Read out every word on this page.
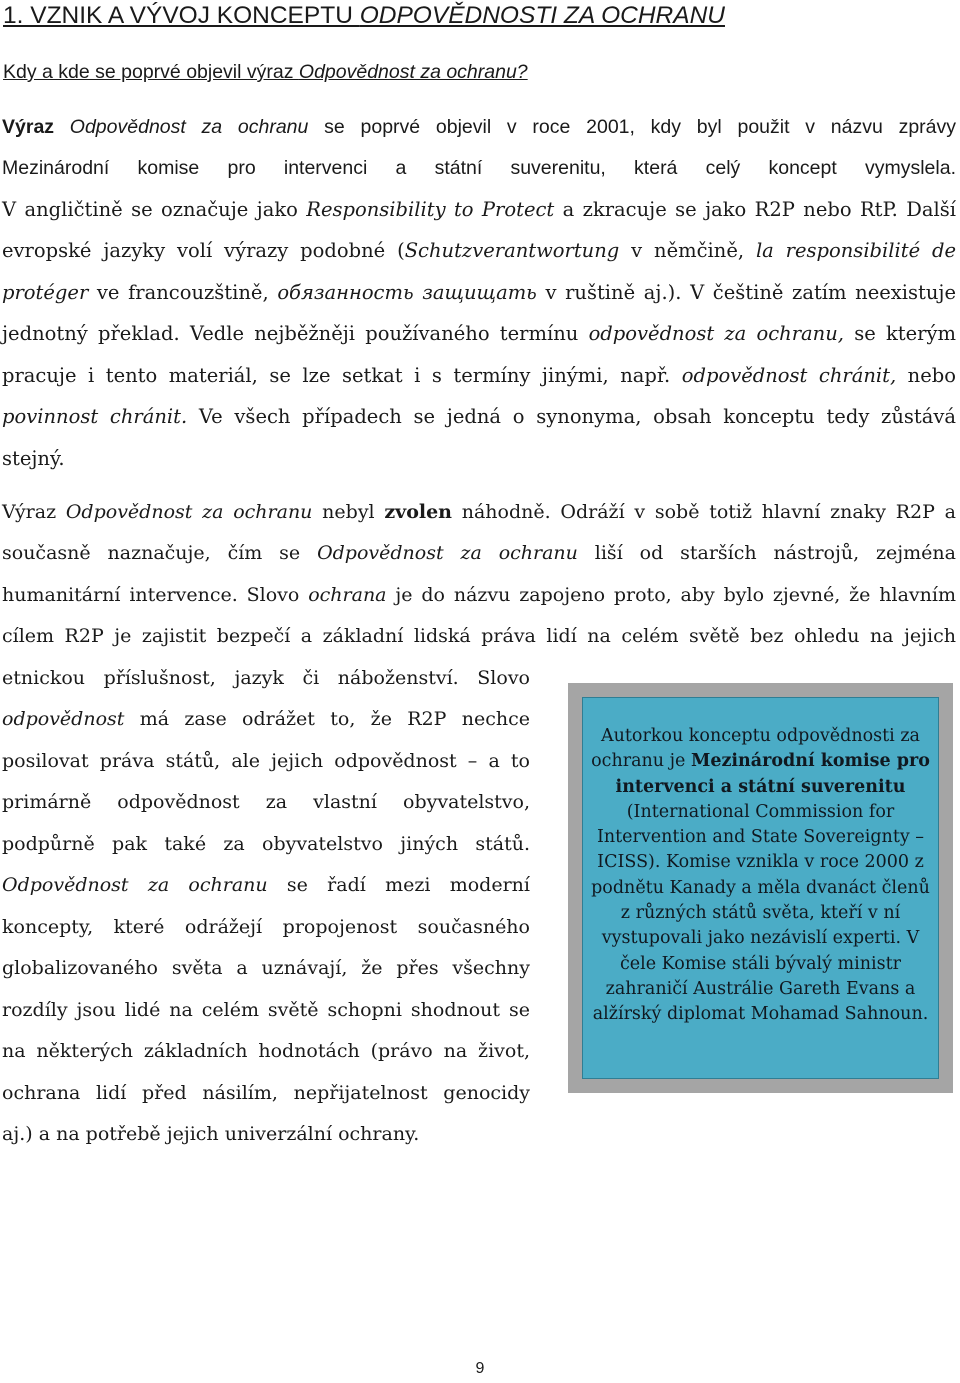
1. VZNIK A VÝVOJ KONCEPTU ODPOVĚDNOSTI ZA OCHRANU
Kdy a kde se poprvé objevil výraz Odpovědnost za ochranu?
Výraz Odpovědnost za ochranu se poprvé objevil v roce 2001, kdy byl použit v názvu zprávy
Mezinárodní komise pro intervenci a státní suverenitu, která celý koncept vymyslela.
V angličtině se označuje jako Responsibility to Protect a zkracuje se jako R2P nebo RtP. Další
evropské jazyky volí výrazy podobné (Schutzverantwortung v němčině, la responsibilité de
protéger ve francouzštině, обязанность защищать v ruštině aj.). V češtině zatím neexistuje
jednotný překlad. Vedle nejběžněji používaného termínu odpovědnost za ochranu, se kterým
pracuje i tento materiál, se lze setkat i s termíny jinými, např. odpovědnost chránit, nebo
povinnost chránit. Ve všech případech se jedná o synonyma, obsah konceptu tedy zůstává
stejný.
Výraz Odpovědnost za ochranu nebyl zvolen náhodně. Odráží v sobě totiž hlavní znaky R2P a
současně naznačuje, čím se Odpovědnost za ochranu liší od starších nástrojů, zejména
humanitární intervence. Slovo ochrana je do názvu zapojeno proto, aby bylo zjevné, že hlavním
cílem R2P je zajistit bezpečí a základní lidská práva lidí na celém světě bez ohledu na jejich
etnickou příslušnost, jazyk či náboženství. Slovo
odpovědnost má zase odrážet to, že R2P nechce
posilovat práva států, ale jejich odpovědnost – a to
primárně odpovědnost za vlastní obyvatelstvo,
podpůrně pak také za obyvatelstvo jiných států.
Odpovědnost za ochranu se řadí mezi moderní
koncepty, které odrážejí propojenost současného
globalizovaného světa a uznávají, že přes všechny
rozdíly jsou lidé na celém světě schopni shodnout se
na některých základních hodnotách (právo na život,
ochrana lidí před násilím, nepřijatelnost genocidy
aj.) a na potřebě jejich univerzální ochrany.
Autorkou konceptu odpovědnosti za ochranu je Mezinárodní komise pro intervenci a státní suverenitu (International Commission for Intervention and State Sovereignty – ICISS). Komise vznikla v roce 2000 z podnětu Kanady a měla dvanáct členů z různých států světa, kteří v ní vystupovali jako nezávislí experti. V čele Komise stáli bývalý ministr zahraničí Austrálie Gareth Evans a alžírský diplomat Mohamad Sahnoun.
9
